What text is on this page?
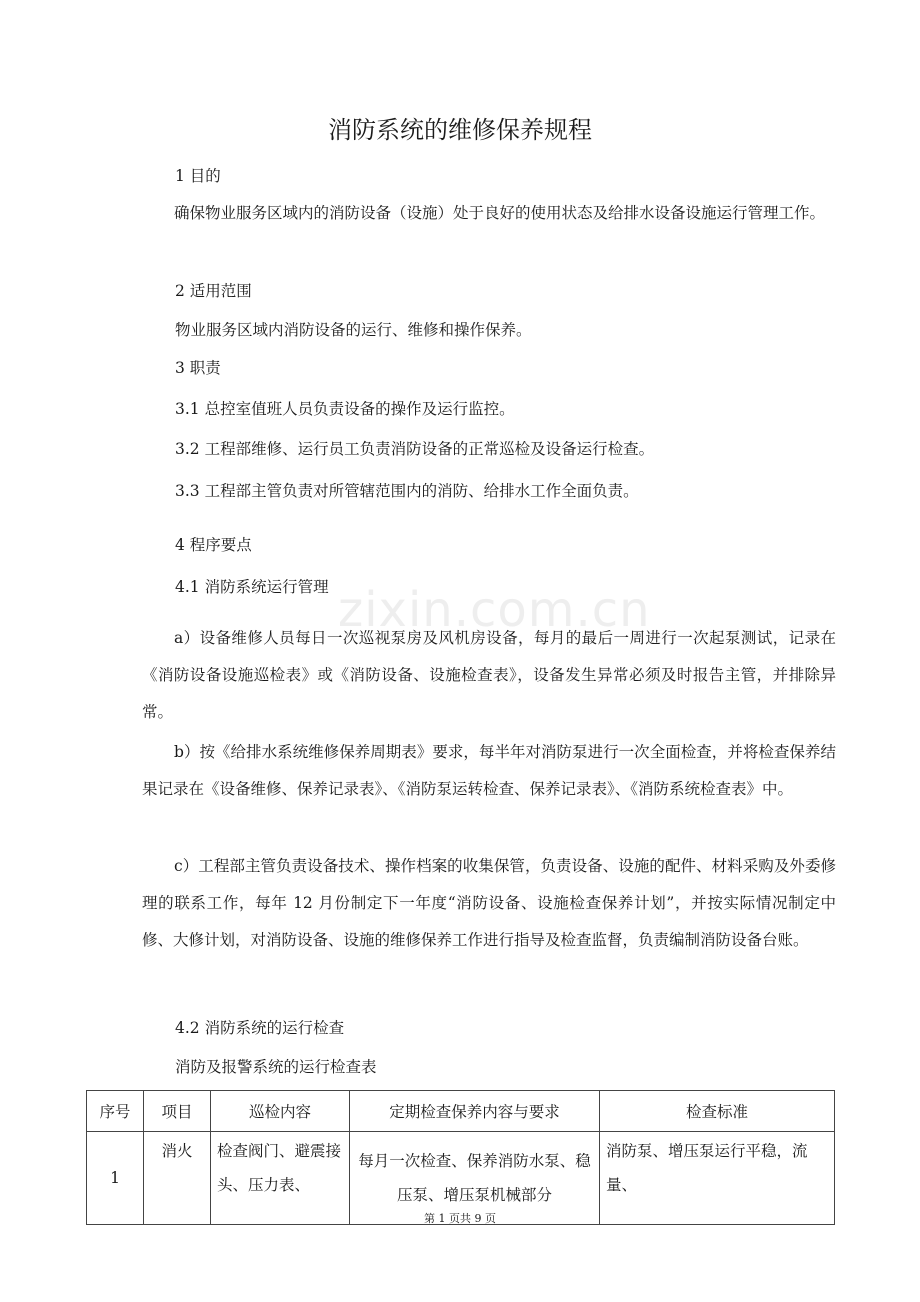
消防系统的维修保养规程
zixin.com.cn
1 目的
确保物业服务区域内的消防设备（设施）处于良好的使用状态及给排水设备设施运行管理工作。
2 适用范围
物业服务区域内消防设备的运行、维修和操作保养。
3 职责
3.1 总控室值班人员负责设备的操作及运行监控。
3.2 工程部维修、运行员工负责消防设备的正常巡检及设备运行检查。
3.3 工程部主管负责对所管辖范围内的消防、给排水工作全面负责。
4 程序要点
4.1 消防系统运行管理
a）设备维修人员每日一次巡视泵房及风机房设备，每月的最后一周进行一次起泵测试，记录在《消防设备设施巡检表》或《消防设备、设施检查表》，设备发生异常必须及时报告主管，并排除异常。
b）按《给排水系统维修保养周期表》要求，每半年对消防泵进行一次全面检查，并将检查保养结果记录在《设备维修、保养记录表》、《消防泵运转检查、保养记录表》、《消防系统检查表》中。
c）工程部主管负责设备技术、操作档案的收集保管，负责设备、设施的配件、材料采购及外委修理的联系工作，每年 12 月份制定下一年度“消防设备、设施检查保养计划”，并按实际情况制定中修、大修计划，对消防设备、设施的维修保养工作进行指导及检查监督，负责编制消防设备台账。
4.2 消防系统的运行检查
消防及报警系统的运行检查表
序号	项目	巡检内容	定期检查保养内容与要求	检查标准
1	消火	检查阀门、避震接头、压力表、	每月一次检查、保养消防水泵、稳压泵、增压泵机械部分	消防泵、增压泵运行平稳，流量、
第 1 页共 9 页
